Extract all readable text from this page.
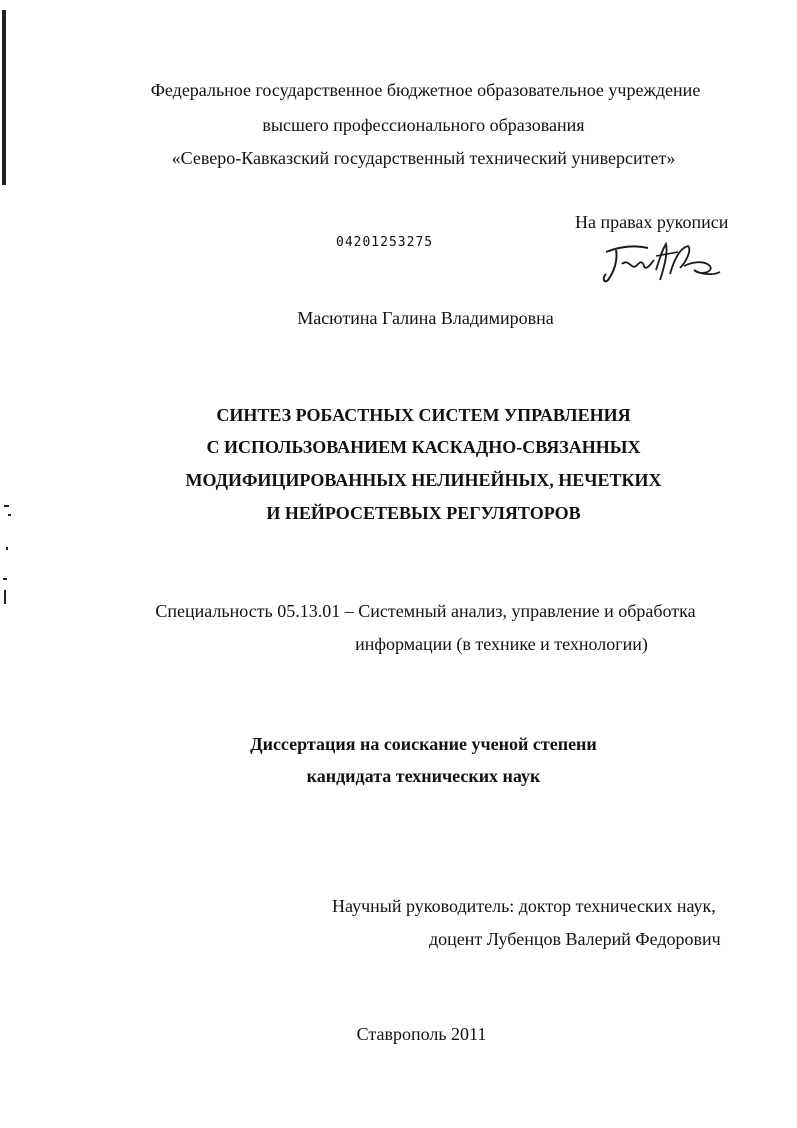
Федеральное государственное бюджетное образовательное учреждение
высшего профессионального образования
«Северо-Кавказский государственный технический университет»
На правах рукописи
04201253275
Масютина Галина Владимировна
СИНТЕЗ РОБАСТНЫХ СИСТЕМ УПРАВЛЕНИЯ
С ИСПОЛЬЗОВАНИЕМ КАСКАДНО-СВЯЗАННЫХ
МОДИФИЦИРОВАННЫХ НЕЛИНЕЙНЫХ, НЕЧЕТКИХ
И НЕЙРОСЕТЕВЫХ РЕГУЛЯТОРОВ
Специальность 05.13.01 – Системный анализ, управление и обработка
информации (в технике и технологии)
Диссертация на соискание ученой степени
кандидата технических наук
Научный руководитель: доктор технических наук,
доцент Лубенцов Валерий Федорович
Ставрополь 2011
